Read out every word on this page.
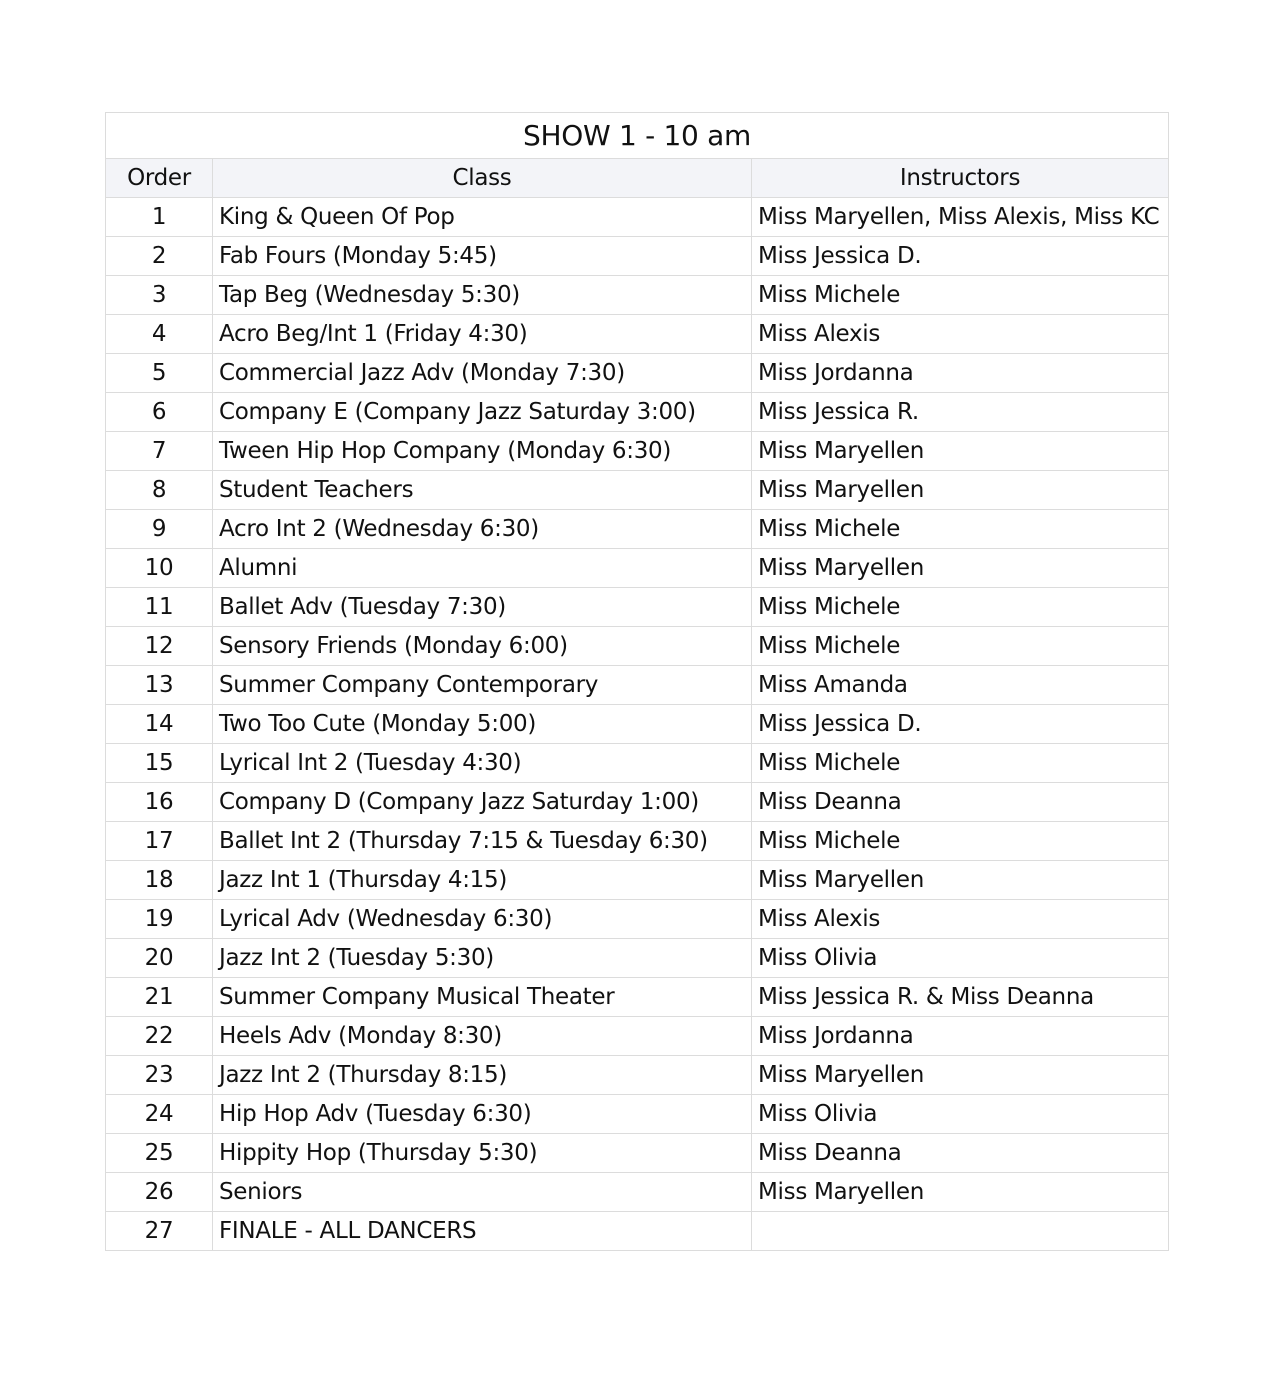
SHOW 1 - 10 am		
Order	Class	Instructors
1	King & Queen Of Pop	Miss Maryellen, Miss Alexis, Miss KC
2	Fab Fours (Monday 5:45)	Miss Jessica D.
3	Tap Beg (Wednesday 5:30)	Miss Michele
4	Acro Beg/Int 1 (Friday 4:30)	Miss Alexis
5	Commercial Jazz Adv (Monday 7:30)	Miss Jordanna
6	Company E (Company Jazz Saturday 3:00)	Miss Jessica R.
7	Tween Hip Hop Company (Monday 6:30)	Miss Maryellen
8	Student Teachers	Miss Maryellen
9	Acro Int 2 (Wednesday 6:30)	Miss Michele
10	Alumni	Miss Maryellen
11	Ballet Adv (Tuesday 7:30)	Miss Michele
12	Sensory Friends (Monday 6:00)	Miss Michele
13	Summer Company Contemporary	Miss Amanda
14	Two Too Cute (Monday 5:00)	Miss Jessica D.
15	Lyrical Int 2 (Tuesday 4:30)	Miss Michele
16	Company D (Company Jazz Saturday 1:00)	Miss Deanna
17	Ballet Int 2 (Thursday 7:15 & Tuesday 6:30)	Miss Michele
18	Jazz Int 1 (Thursday 4:15)	Miss Maryellen
19	Lyrical Adv (Wednesday 6:30)	Miss Alexis
20	Jazz Int 2 (Tuesday 5:30)	Miss Olivia
21	Summer Company Musical Theater	Miss Jessica R. & Miss Deanna
22	Heels Adv (Monday 8:30)	Miss Jordanna
23	Jazz Int 2 (Thursday 8:15)	Miss Maryellen
24	Hip Hop Adv (Tuesday 6:30)	Miss Olivia
25	Hippity Hop (Thursday 5:30)	Miss Deanna
26	Seniors	Miss Maryellen
27	FINALE - ALL DANCERS	
